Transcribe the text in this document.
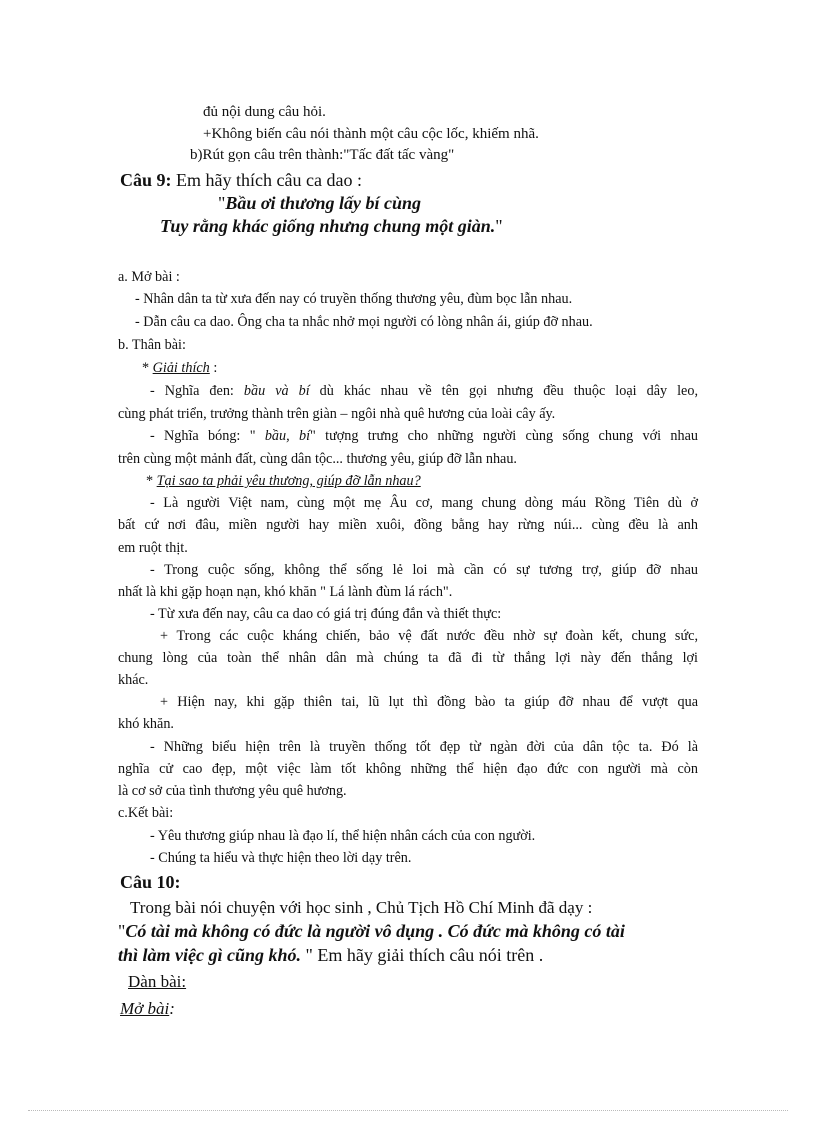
đủ nội dung câu hỏi.
+Không biến câu nói thành một câu cộc lốc, khiếm nhã.
b)Rút gọn câu trên thành:"Tấc đất tấc vàng"
Câu 9: Em hãy thích câu ca dao :
"Bầu ơi thương lấy bí cùng
Tuy rằng khác giống nhưng chung một giàn."
a. Mở bài :
- Nhân dân ta từ xưa đến nay có truyền thống thương yêu, đùm bọc lẫn nhau.
- Dẫn câu ca dao. Ông cha ta nhắc nhở mọi người có lòng nhân ái, giúp đỡ nhau.
b. Thân bài:
* Giải thích :
- Nghĩa đen: bầu và bí dù khác nhau về tên gọi nhưng đều thuộc loại dây leo,
cùng phát triển, trưởng thành trên giàn – ngôi nhà quê hương của loài cây ấy.
- Nghĩa bóng: " bầu, bí" tượng trưng cho những người cùng sống chung với nhau
trên cùng một mảnh đất, cùng dân tộc... thương yêu, giúp đỡ lẫn nhau.
* Tại sao ta phải yêu thương, giúp đỡ lẫn nhau?
- Là người Việt nam, cùng một mẹ Âu cơ, mang chung dòng máu Rồng Tiên dù ở
bất cứ nơi đâu, miền người hay miền xuôi, đồng bằng hay rừng núi... cùng đều là anh
em ruột thịt.
- Trong cuộc sống, không thể sống lẻ loi mà cần có sự tương trợ, giúp đỡ nhau
nhất là khi gặp hoạn nạn, khó khăn " Lá lành đùm lá rách".
- Từ xưa đến nay, câu ca dao có giá trị đúng đắn và thiết thực:
+ Trong các cuộc kháng chiến, bảo vệ đất nước đều nhờ sự đoàn kết, chung sức,
chung lòng của toàn thể nhân dân mà chúng ta đã đi từ thắng lợi này đến thắng lợi
khác.
+ Hiện nay, khi gặp thiên tai, lũ lụt thì đồng bào ta giúp đỡ nhau để vượt qua
khó khăn.
- Những biểu hiện trên là truyền thống tốt đẹp từ ngàn đời của dân tộc ta. Đó là
nghĩa cử cao đẹp, một việc làm tốt không những thể hiện đạo đức con người mà còn
là cơ sở của tình thương yêu quê hương.
c.Kết bài:
- Yêu thương giúp nhau là đạo lí, thể hiện nhân cách của con người.
- Chúng ta hiểu và thực hiện theo lời dạy trên.
Câu 10:
Trong bài nói chuyện với học sinh , Chủ Tịch Hồ Chí Minh đã dạy :
"Có tài mà không có đức là người vô dụng . Có đức mà không có tài
thì làm việc gì cũng khó. " Em hãy giải thích câu nói trên .
Dàn bài:
Mở bài:
